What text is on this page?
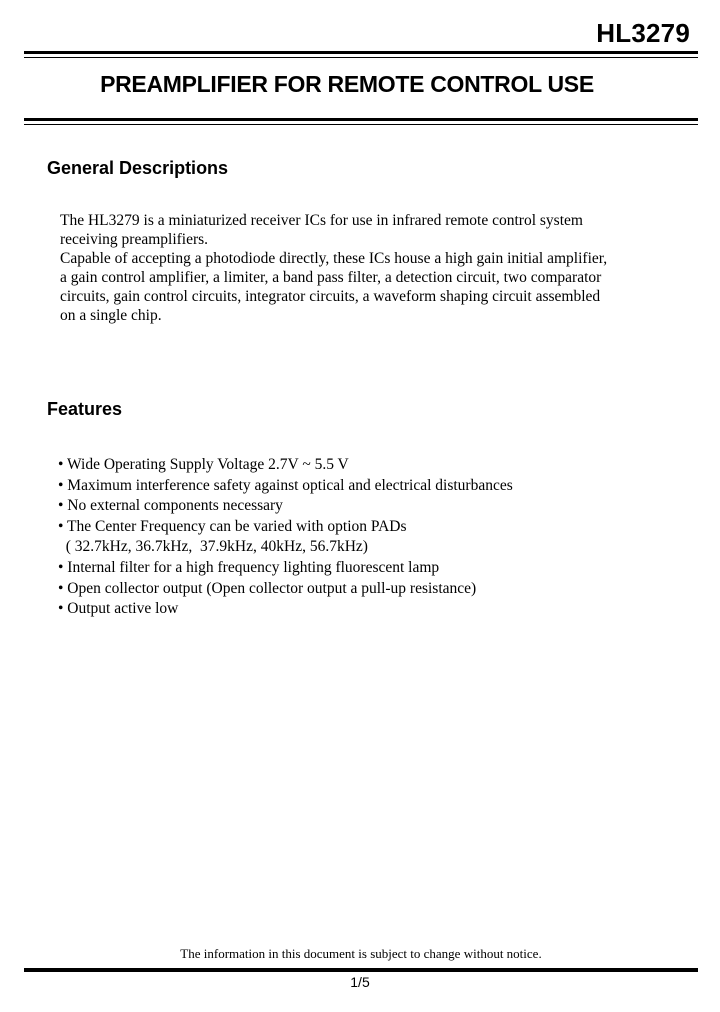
HL3279
PREAMPLIFIER FOR REMOTE CONTROL USE
General Descriptions
The HL3279 is a miniaturized receiver ICs for use in infrared remote control system
receiving preamplifiers.
Capable of accepting a photodiode directly, these ICs house a high gain initial amplifier,
a gain control amplifier, a limiter, a band pass filter, a detection circuit, two comparator
circuits, gain control circuits, integrator circuits, a waveform shaping circuit assembled
on a single chip.
Features
• Wide Operating Supply Voltage 2.7V ~ 5.5 V
• Maximum interference safety against optical and electrical disturbances
• No external components necessary
• The Center Frequency can be varied with option PADs
( 32.7kHz, 36.7kHz,  37.9kHz, 40kHz, 56.7kHz)
• Internal filter for a high frequency lighting fluorescent lamp
• Open collector output (Open collector output a pull-up resistance)
• Output active low
The information in this document is subject to change without notice.
1/5
